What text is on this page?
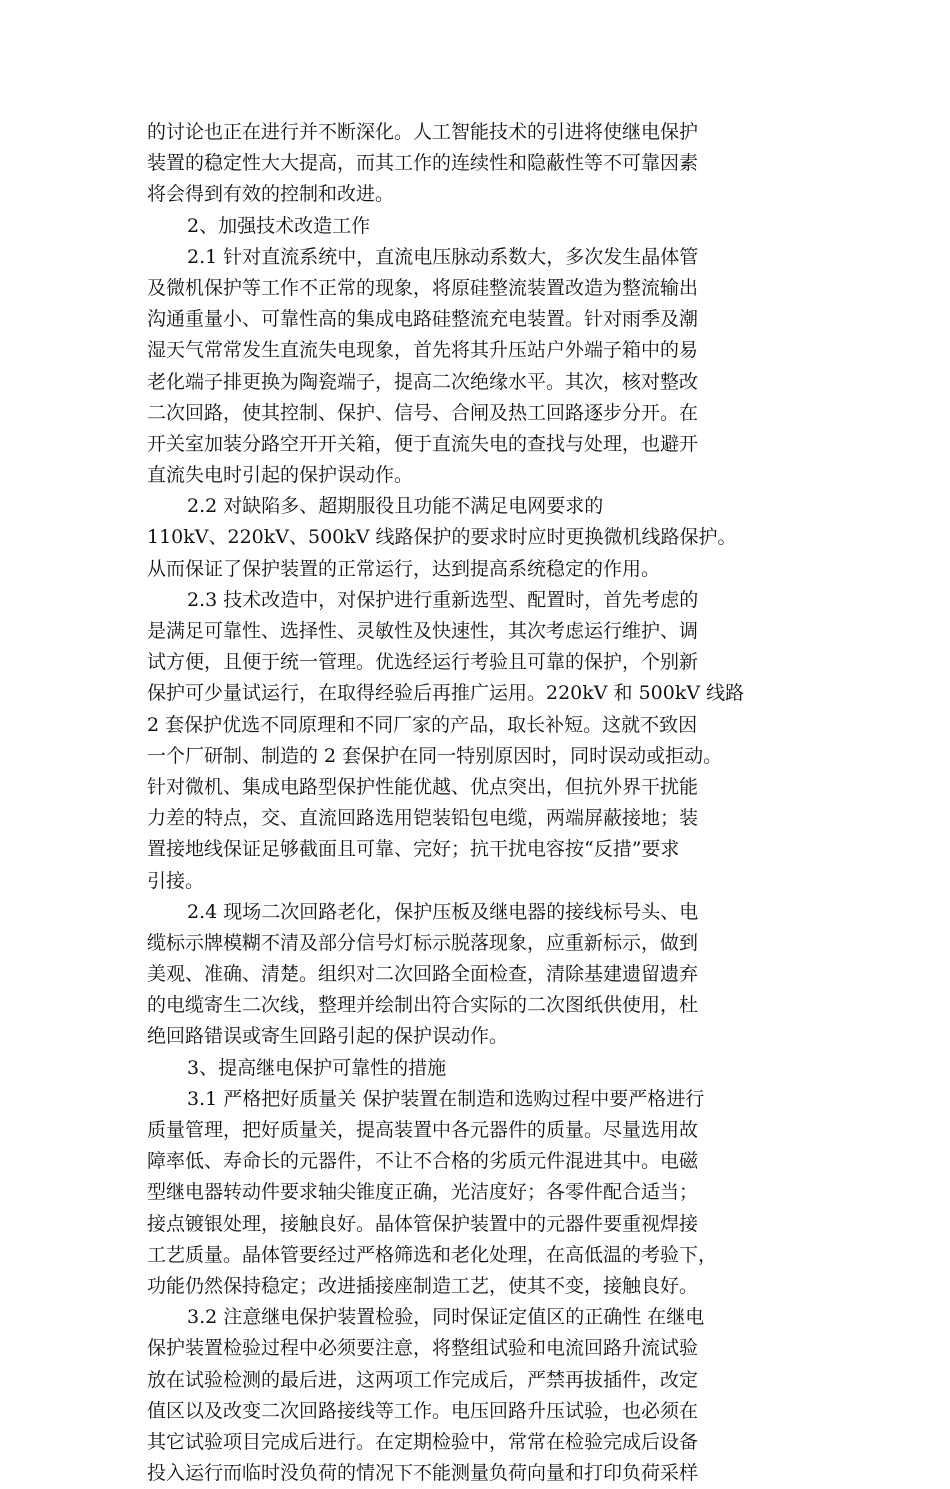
的讨论也正在进行并不断深化。人工智能技术的引进将使继电保护
装置的稳定性大大提高，而其工作的连续性和隐蔽性等不可靠因素
将会得到有效的控制和改进。
2、加强技术改造工作
2.1 针对直流系统中，直流电压脉动系数大，多次发生晶体管
及微机保护等工作不正常的现象，将原硅整流装置改造为整流输出
沟通重量小、可靠性高的集成电路硅整流充电装置。针对雨季及潮
湿天气常常发生直流失电现象，首先将其升压站户外端子箱中的易
老化端子排更换为陶瓷端子，提高二次绝缘水平。其次，核对整改
二次回路，使其控制、保护、信号、合闸及热工回路逐步分开。在
开关室加装分路空开开关箱，便于直流失电的查找与处理，也避开
直流失电时引起的保护误动作。
2.2 对缺陷多、超期服役且功能不满足电网要求的
110kV、220kV、500kV 线路保护的要求时应时更换微机线路保护。
从而保证了保护装置的正常运行，达到提高系统稳定的作用。
2.3 技术改造中，对保护进行重新选型、配置时，首先考虑的
是满足可靠性、选择性、灵敏性及快速性，其次考虑运行维护、调
试方便，且便于统一管理。优选经运行考验且可靠的保护，个别新
保护可少量试运行，在取得经验后再推广运用。220kV 和 500kV 线路
2 套保护优选不同原理和不同厂家的产品，取长补短。这就不致因
一个厂研制、制造的 2 套保护在同一特别原因时，同时误动或拒动。
针对微机、集成电路型保护性能优越、优点突出，但抗外界干扰能
力差的特点，交、直流回路选用铠装铅包电缆，两端屏蔽接地；装
置接地线保证足够截面且可靠、完好；抗干扰电容按“反措”要求
引接。
2.4 现场二次回路老化，保护压板及继电器的接线标号头、电
缆标示牌模糊不清及部分信号灯标示脱落现象，应重新标示，做到
美观、准确、清楚。组织对二次回路全面检查，清除基建遗留遗弃
的电缆寄生二次线，整理并绘制出符合实际的二次图纸供使用，杜
绝回路错误或寄生回路引起的保护误动作。
3、提高继电保护可靠性的措施
3.1 严格把好质量关 保护装置在制造和选购过程中要严格进行
质量管理，把好质量关，提高装置中各元器件的质量。尽量选用故
障率低、寿命长的元器件，不让不合格的劣质元件混进其中。电磁
型继电器转动件要求轴尖锥度正确，光洁度好；各零件配合适当；
接点镀银处理，接触良好。晶体管保护装置中的元器件要重视焊接
工艺质量。晶体管要经过严格筛选和老化处理，在高低温的考验下，
功能仍然保持稳定；改进插接座制造工艺，使其不变，接触良好。
3.2 注意继电保护装置检验，同时保证定值区的正确性 在继电
保护装置检验过程中必须要注意，将整组试验和电流回路升流试验
放在试验检测的最后进，这两项工作完成后，严禁再拔插件，改定
值区以及改变二次回路接线等工作。电压回路升压试验，也必须在
其它试验项目完成后进行。在定期检验中，常常在检验完成后设备
投入运行而临时没负荷的情况下不能测量负荷向量和打印负荷采样
